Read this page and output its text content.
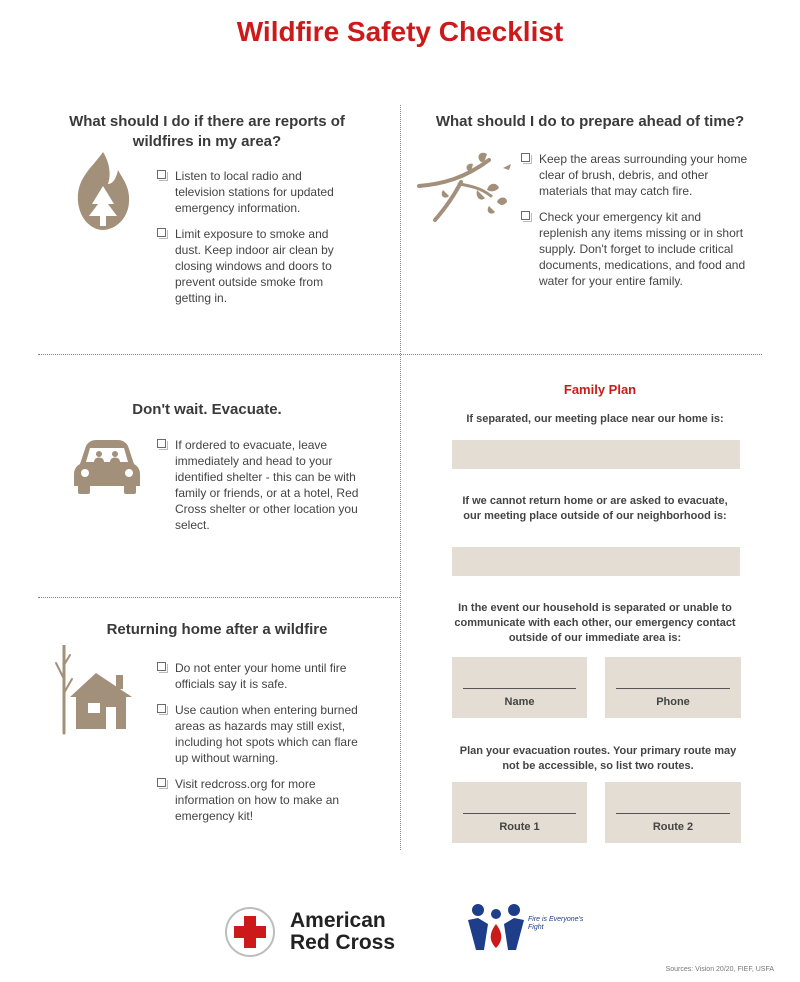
Wildfire Safety Checklist
What should I do if there are reports of wildfires in my area?
Listen to local radio and television stations for updated emergency information.
Limit exposure to smoke and dust. Keep indoor air clean by closing windows and doors to prevent outside smoke from getting in.
What should I do to prepare ahead of time?
Keep the areas surrounding your home clear of brush, debris, and other materials that may catch fire.
Check your emergency kit and replenish any items missing or in short supply. Don't forget to include critical documents, medications, and food and water for your entire family.
Don't wait. Evacuate.
If ordered to evacuate, leave immediately and head to your identified shelter - this can be with family or friends, or at a hotel, Red Cross shelter or other location you select.
Returning home after a wildfire
Do not enter your home until fire officials say it is safe.
Use caution when entering burned areas as hazards may still exist, including hot spots which can flare up without warning.
Visit redcross.org for more information on how to make an emergency kit!
Family Plan

If separated, our meeting place near our home is:

If we cannot return home or are asked to evacuate, our meeting place outside of our neighborhood is:

In the event our household is separated or unable to communicate with each other, our emergency contact outside of our immediate area is:

Name	Phone

Plan your evacuation routes. Your primary route may not be accessible, so list two routes.

Route 1	Route 2
American
Red Cross
Fire is Everyone's Fight
Sources: Vision 20/20, FIEF, USFA
